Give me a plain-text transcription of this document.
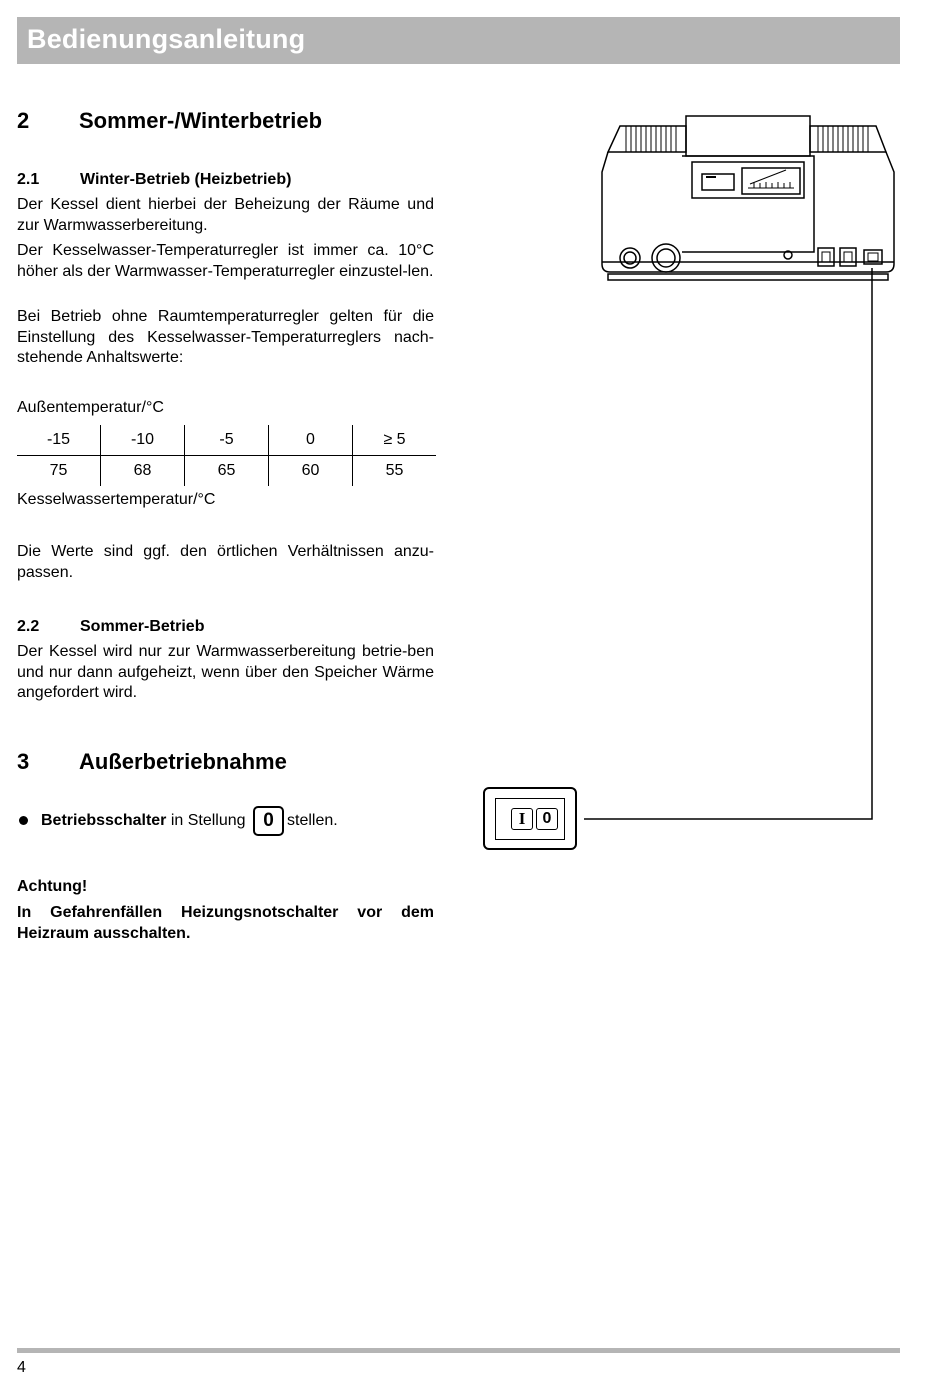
Bedienungsanleitung
2 Sommer-/Winterbetrieb
2.1	Winter-Betrieb (Heizbetrieb)
Der Kessel dient hierbei der Beheizung der Räume und zur Warmwasserbereitung.
Der Kesselwasser-Temperaturregler ist immer ca. 10°C höher als der Warmwasser-Temperaturregler einzustel-len.
Bei Betrieb ohne Raumtemperaturregler gelten für die Einstellung des Kesselwasser-Temperaturreglers nach-stehende Anhaltswerte:
Außentemperatur/°C
-15	-10	-5	0	≥ 5
75	68	65	60	55
Kesselwassertemperatur/°C
Die Werte sind ggf. den örtlichen Verhältnissen anzu-passen.
2.2	Sommer-Betrieb
Der Kessel wird nur zur Warmwasserbereitung betrie-ben und nur dann aufgeheizt, wenn über den Speicher Wärme angefordert wird.
3 Außerbetriebnahme
Betriebsschalter in Stellung 0 stellen.
Achtung!
In Gefahrenfällen Heizungsnotschalter vor dem Heizraum ausschalten.
I	0
4
